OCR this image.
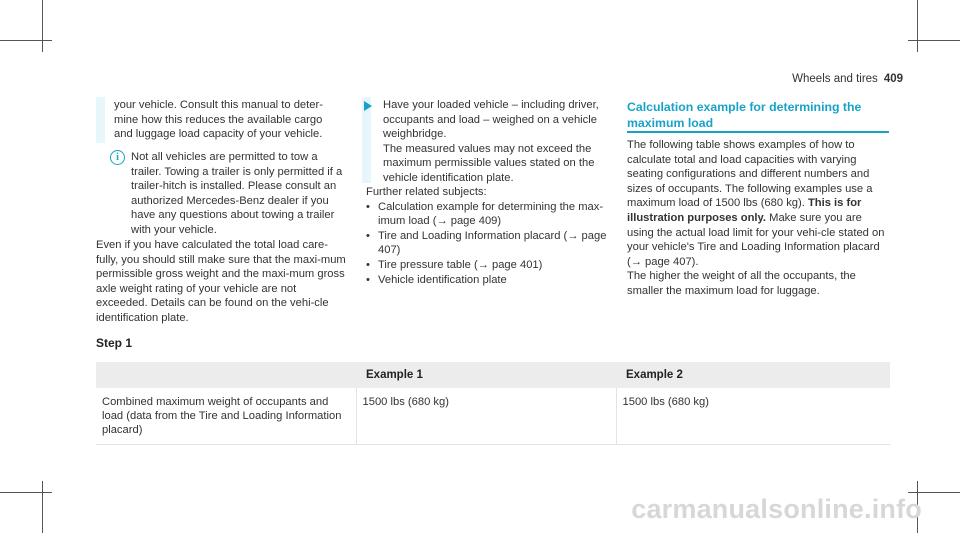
Wheels and tires 409

your vehicle. Consult this manual to deter-mine how this reduces the available cargo and luggage load capacity of your vehicle.

i	Not all vehicles are permitted to tow a trailer. Towing a trailer is only permitted if a trailer-hitch is installed. Please consult an authorized Mercedes-Benz dealer if you have any questions about towing a trailer with your vehicle.

Even if you have calculated the total load care-fully, you should still make sure that the maxi-mum permissible gross weight and the maxi-mum gross axle weight rating of your vehicle are not exceeded. Details can be found on the vehi-cle identification plate.

Have your loaded vehicle – including driver, occupants and load – weighed on a vehicle weighbridge.

The measured values may not exceed the maximum permissible values stated on the vehicle identification plate.

Further related subjects:

• Calculation example for determining the max-imum load (→ page 409)
• Tire and Loading Information placard (→ page 407)
• Tire pressure table (→ page 401)
• Vehicle identification plate
Calculation example for determining the maximum load

The following table shows examples of how to calculate total and load capacities with varying seating configurations and different numbers and sizes of occupants. The following examples use a maximum load of 1500 lbs (680 kg). This is for illustration purposes only. Make sure you are using the actual load limit for your vehi-cle stated on your vehicle's Tire and Loading Information placard (→ page 407).

The higher the weight of all the occupants, the smaller the maximum load for luggage.

Step 1
	Example 1	Example 2
Combined maximum weight of occupants and load (data from the Tire and Loading Information placard)	1500 lbs (680 kg)	1500 lbs (680 kg)
carmanualsonline.info
